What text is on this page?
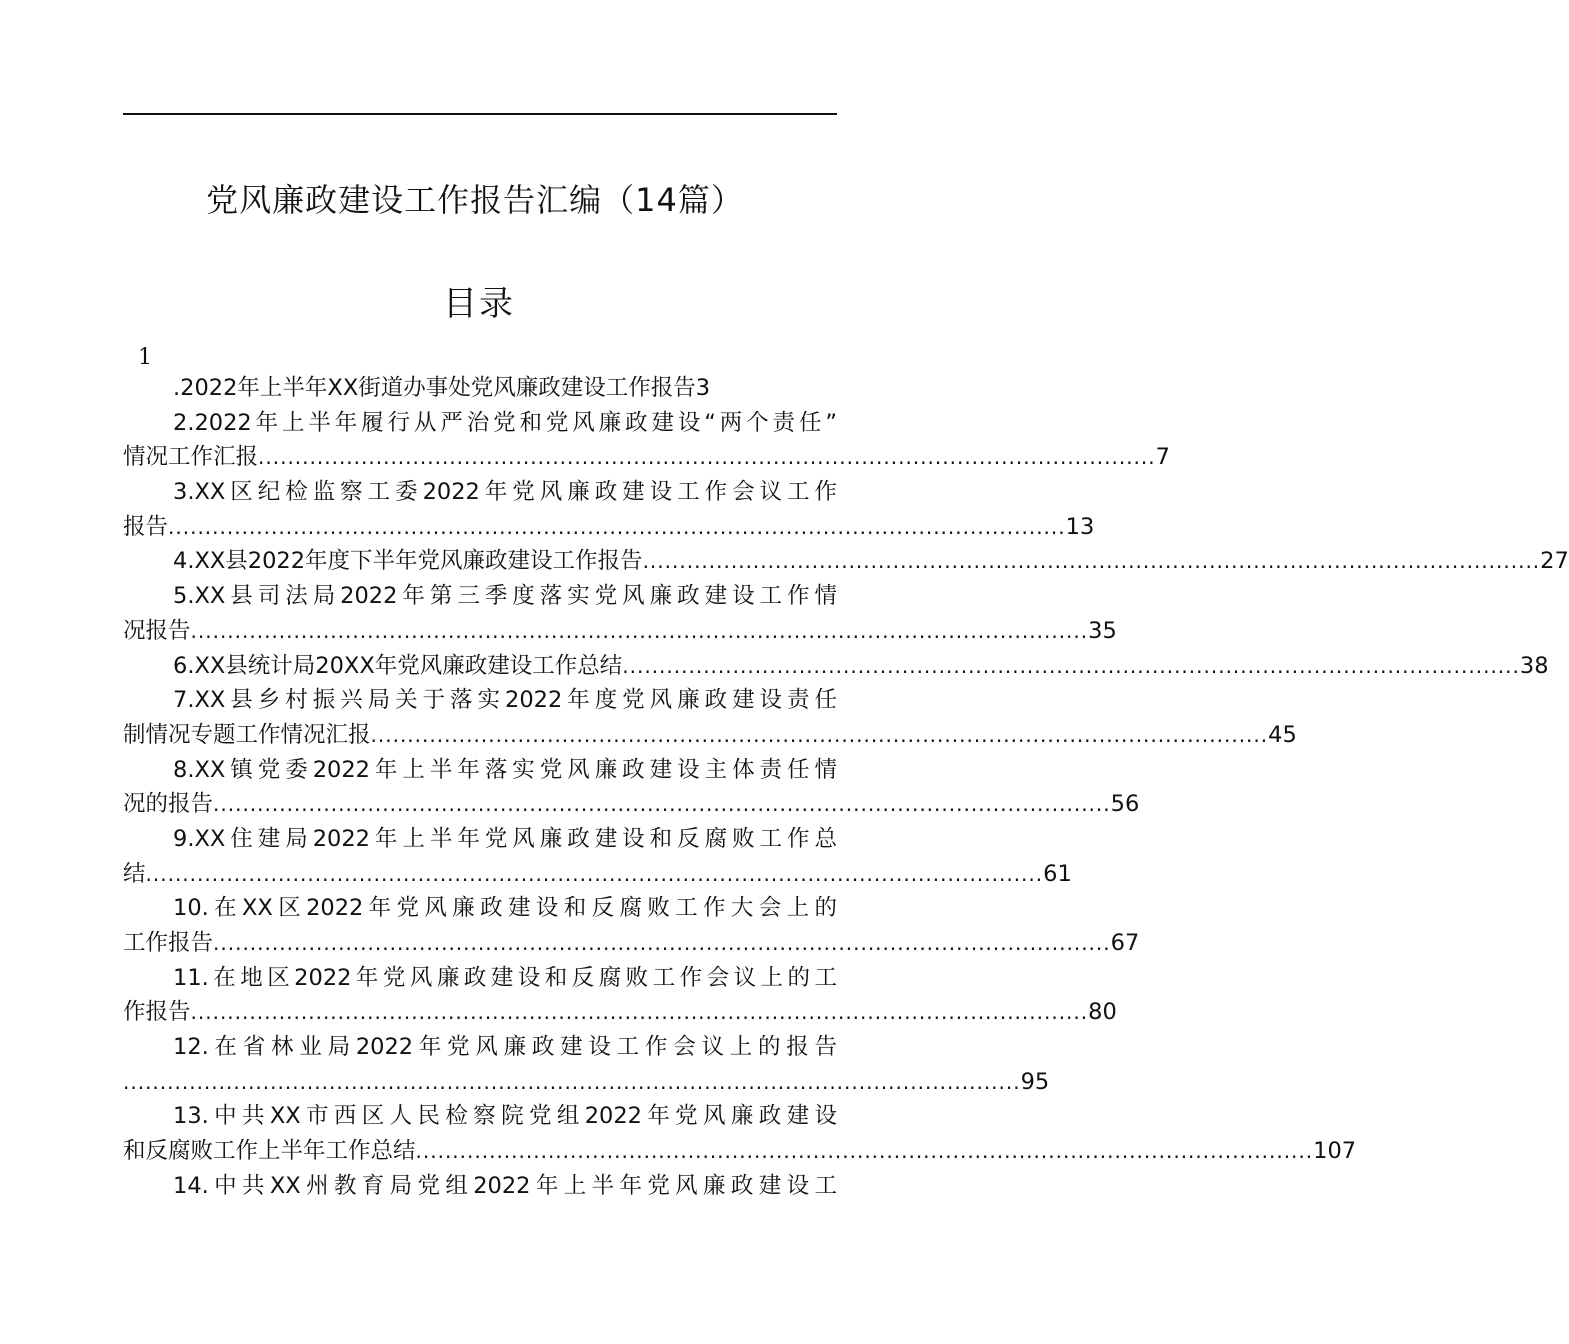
党风廉政建设工作报告汇编（14篇）
目录
1
.2022年上半年XX街道办事处党风廉政建设工作报告3
2.2022年上半年履行从严治党和党风廉政建设“两个责任”
情况工作汇报 .......................................................................................................................... 7
3.XX区纪检监察工委2022年党风廉政建设工作会议工作
报告 .......................................................................................................................... 13
4.XX县2022年度下半年党风廉政建设工作报告 .......................................................................................................................... 27
5.XX县司法局2022年第三季度落实党风廉政建设工作情
况报告 .......................................................................................................................... 35
6.XX县统计局20XX年党风廉政建设工作总结 .......................................................................................................................... 38
7.XX县乡村振兴局关于落实2022年度党风廉政建设责任
制情况专题工作情况汇报 .......................................................................................................................... 45
8.XX镇党委2022年上半年落实党风廉政建设主体责任情
况的报告 .......................................................................................................................... 56
9.XX住建局2022年上半年党风廉政建设和反腐败工作总
结 .......................................................................................................................... 61
10.在XX区2022年党风廉政建设和反腐败工作大会上的
工作报告 .......................................................................................................................... 67
11.在地区2022年党风廉政建设和反腐败工作会议上的工
作报告 .......................................................................................................................... 80
12.在省林业局2022年党风廉政建设工作会议上的报告
.......................................................................................................................... 95
13.中共XX市西区人民检察院党组2022年党风廉政建设
和反腐败工作上半年工作总结 .......................................................................................................................... 107
14.中共XX州教育局党组2022年上半年党风廉政建设工
